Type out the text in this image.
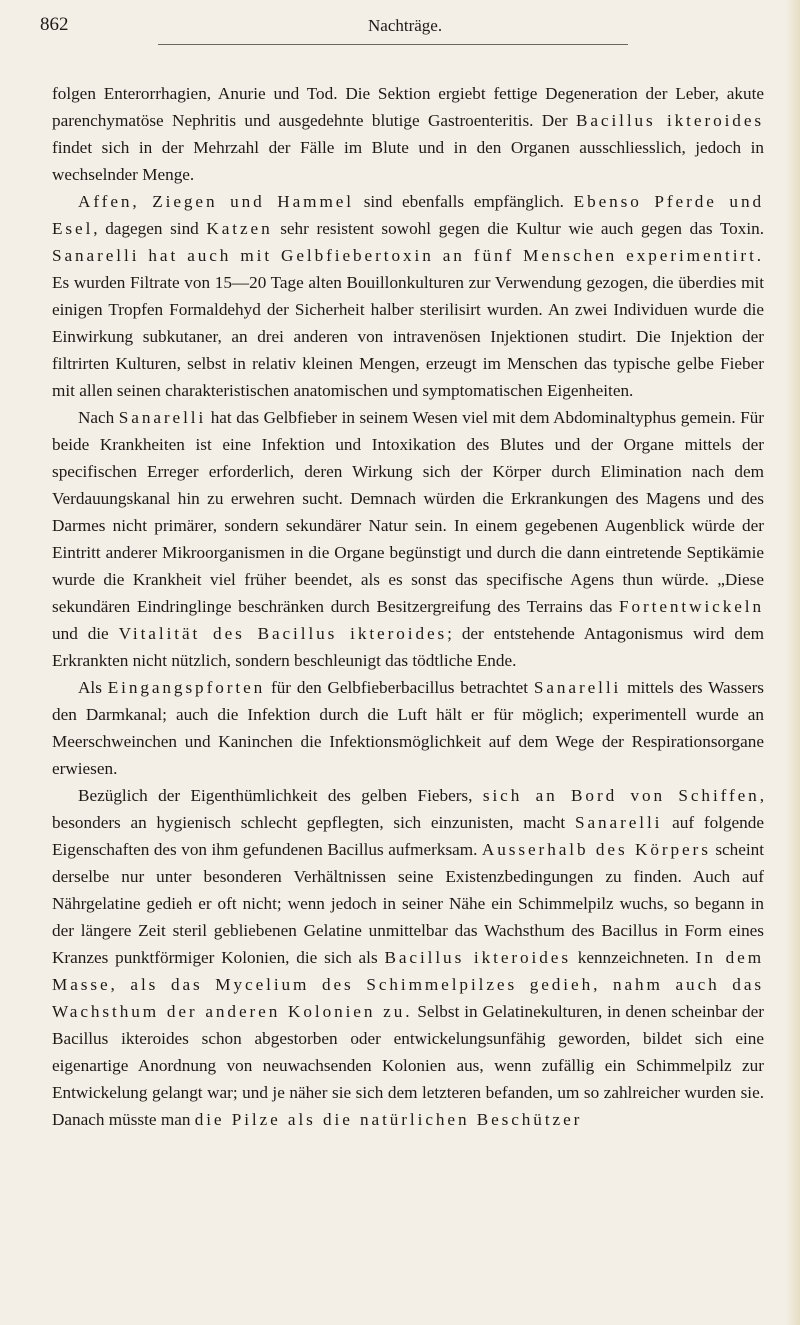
862	Nachträge.

folgen Enterorrhagien, Anurie und Tod. Die Sektion ergiebt fettige Degeneration der Leber, akute parenchymatöse Nephritis und ausgedehnte blutige Gastroenteritis. Der Bacillus ikteroides findet sich in der Mehrzahl der Fälle im Blute und in den Organen ausschliesslich, jedoch in wechselnder Menge.

Affen, Ziegen und Hammel sind ebenfalls empfänglich. Ebenso Pferde und Esel, dagegen sind Katzen sehr resistent sowohl gegen die Kultur wie auch gegen das Toxin. Sanarelli hat auch mit Gelbfiebertoxin an fünf Menschen experimentirt. Es wurden Filtrate von 15—20 Tage alten Bouillonkulturen zur Verwendung gezogen, die überdies mit einigen Tropfen Formaldehyd der Sicherheit halber sterilisirt wurden. An zwei Individuen wurde die Einwirkung subkutaner, an drei anderen von intravenösen Injektionen studirt. Die Injektion der filtrirten Kulturen, selbst in relativ kleinen Mengen, erzeugt im Menschen das typische gelbe Fieber mit allen seinen charakteristischen anatomischen und symptomatischen Eigenheiten.

Nach Sanarelli hat das Gelbfieber in seinem Wesen viel mit dem Abdominaltyphus gemein. Für beide Krankheiten ist eine Infektion und Intoxikation des Blutes und der Organe mittels der specifischen Erreger erforderlich, deren Wirkung sich der Körper durch Elimination nach dem Verdauungskanal hin zu erwehren sucht. Demnach würden die Erkrankungen des Magens und des Darmes nicht primärer, sondern sekundärer Natur sein. In einem gegebenen Augenblick würde der Eintritt anderer Mikroorganismen in die Organe begünstigt und durch die dann eintretende Septikämie wurde die Krankheit viel früher beendet, als es sonst das specifische Agens thun würde. „Diese sekundären Eindringlinge beschränken durch Besitzergreifung des Terrains das Fortentwickeln und die Vitalität des Bacillus ikteroides; der entstehende Antagonismus wird dem Erkrankten nicht nützlich, sondern beschleunigt das tödtliche Ende.

Als Eingangspforten für den Gelbfieberbacillus betrachtet Sanarelli mittels des Wassers den Darmkanal; auch die Infektion durch die Luft hält er für möglich; experimentell wurde an Meerschweinchen und Kaninchen die Infektionsmöglichkeit auf dem Wege der Respirationsorgane erwiesen.

Bezüglich der Eigenthümlichkeit des gelben Fiebers, sich an Bord von Schiffen, besonders an hygienisch schlecht gepflegten, sich einzunisten, macht Sanarelli auf folgende Eigenschaften des von ihm gefundenen Bacillus aufmerksam. Ausserhalb des Körpers scheint derselbe nur unter besonderen Verhältnissen seine Existenzbedingungen zu finden. Auch auf Nährgelatine gedieh er oft nicht; wenn jedoch in seiner Nähe ein Schimmelpilz wuchs, so begann in der längere Zeit steril gebliebenen Gelatine unmittelbar das Wachsthum des Bacillus in Form eines Kranzes punktförmiger Kolonien, die sich als Bacillus ikteroides kennzeichneten. In dem Masse, als das Mycelium des Schimmelpilzes gedieh, nahm auch das Wachsthum der anderen Kolonien zu. Selbst in Gelatinekulturen, in denen scheinbar der Bacillus ikteroides schon abgestorben oder entwickelungsunfähig geworden, bildet sich eine eigenartige Anordnung von neuwachsenden Kolonien aus, wenn zufällig ein Schimmelpilz zur Entwickelung gelangt war; und je näher sie sich dem letzteren befanden, um so zahlreicher wurden sie. Danach müsste man die Pilze als die natürlichen Beschützer
